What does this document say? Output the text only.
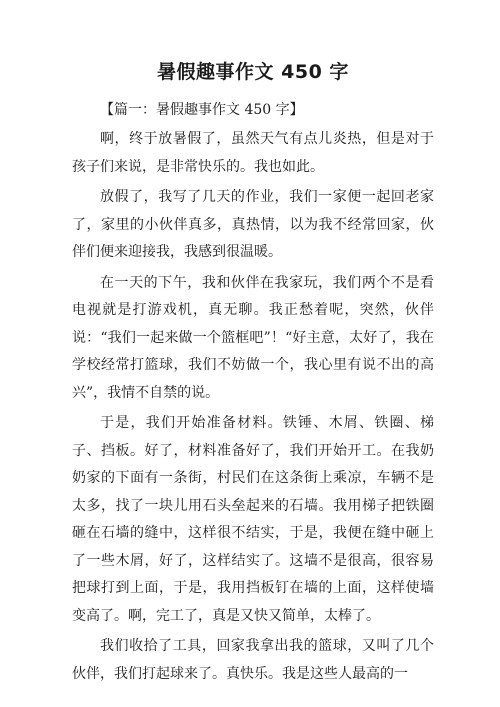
暑假趣事作文 450 字

【篇一：暑假趣事作文 450 字】

啊，终于放暑假了，虽然天气有点儿炎热，但是对于孩子们来说，是非常快乐的。我也如此。

放假了，我写了几天的作业，我们一家便一起回老家了，家里的小伙伴真多，真热情，以为我不经常回家，伙伴们便来迎接我，我感到很温暖。

在一天的下午，我和伙伴在我家玩，我们两个不是看电视就是打游戏机，真无聊。我正愁着呢，突然，伙伴说：“我们一起来做一个篮框吧”！“好主意，太好了，我在学校经常打篮球，我们不妨做一个，我心里有说不出的高兴”，我情不自禁的说。

于是，我们开始准备材料。铁锤、木屑、铁圈、梯子、挡板。好了，材料准备好了，我们开始开工。在我奶奶家的下面有一条街，村民们在这条街上乘凉，车辆不是太多，找了一块儿用石头垒起来的石墙。我用梯子把铁圈砸在石墙的缝中，这样很不结实，于是，我便在缝中砸上了一些木屑，好了，这样结实了。这墙不是很高，很容易把球打到上面，于是，我用挡板钉在墙的上面，这样使墙变高了。啊，完工了，真是又快又简单，太棒了。

我们收拾了工具，回家我拿出我的篮球，又叫了几个伙伴，我们打起球来了。真快乐。我是这些人最高的一
